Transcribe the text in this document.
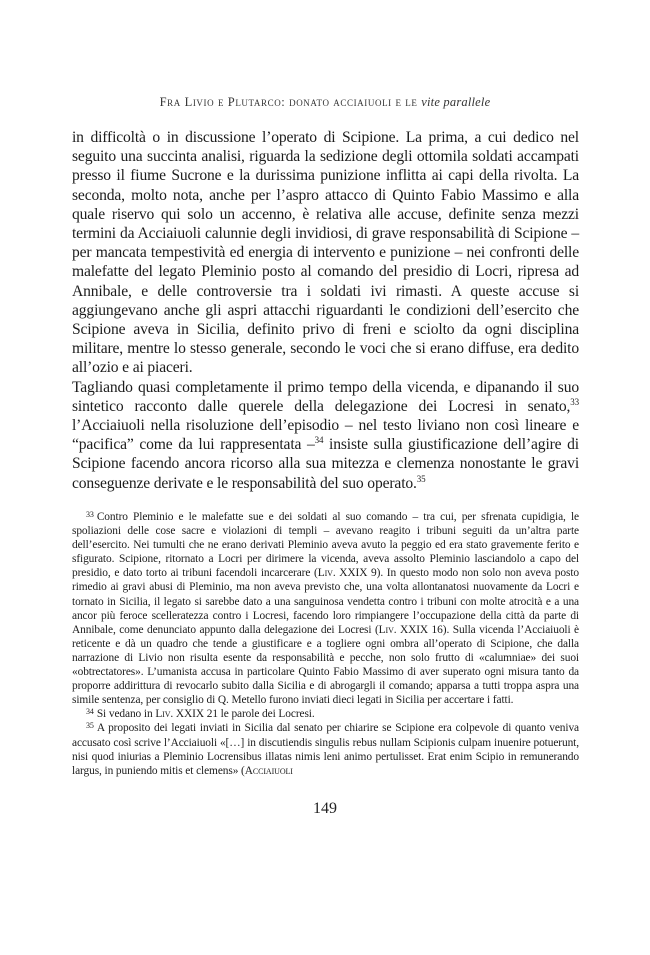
Fra Livio e Plutarco: donato acciaiuoli e le vite parallele

in difficoltà o in discussione l’operato di Scipione. La prima, a cui dedico nel seguito una succinta analisi, riguarda la sedizione degli ottomila soldati accampati presso il fiume Sucrone e la durissima punizione inflitta ai capi della rivolta. La seconda, molto nota, anche per l’aspro attacco di Quinto Fabio Massimo e alla quale riservo qui solo un accenno, è relativa alle accuse, definite senza mezzi termini da Acciaiuoli calunnie degli invidiosi, di grave responsabilità di Scipione – per mancata tempestività ed energia di intervento e punizione – nei confronti delle malefatte del legato Pleminio posto al comando del presidio di Locri, ripresa ad Annibale, e delle controversie tra i soldati ivi rimasti. A queste accuse si aggiungevano anche gli aspri attacchi riguardanti le condizioni dell’esercito che Scipione aveva in Sicilia, definito privo di freni e sciolto da ogni disciplina militare, mentre lo stesso generale, secondo le voci che si erano diffuse, era dedito all’ozio e ai piaceri.

Tagliando quasi completamente il primo tempo della vicenda, e dipanando il suo sintetico racconto dalle querele della delegazione dei Locresi in senato,$^{33}$ l’Acciaiuoli nella risoluzione dell’episodio – nel testo liviano non così lineare e “pacifica” come da lui rappresentata –$^{34}$ insiste sulla giustificazione dell’agire di Scipione facendo ancora ricorso alla sua mitezza e clemenza nonostante le gravi conseguenze derivate e le responsabilità del suo operato.$^{35}$

$^{33}$ Contro Pleminio e le malefatte sue e dei soldati al suo comando – tra cui, per sfrenata cupidigia, le spoliazioni delle cose sacre e violazioni di templi – avevano reagito i tribuni seguiti da un’altra parte dell’esercito. Nei tumulti che ne erano derivati Pleminio aveva avuto la peggio ed era stato gravemente ferito e sfigurato. Scipione, ritornato a Locri per dirimere la vicenda, aveva assolto Pleminio lasciandolo a capo del presidio, e dato torto ai tribuni facendoli incarcerare (Liv. XXIX 9). In questo modo non solo non aveva posto rimedio ai gravi abusi di Pleminio, ma non aveva previsto che, una volta allontanatosi nuovamente da Locri e tornato in Sicilia, il legato si sarebbe dato a una sanguinosa vendetta contro i tribuni con molte atrocità e a una ancor più feroce scelleratezza contro i Locresi, facendo loro rimpiangere l’occupazione della città da parte di Annibale, come denunciato appunto dalla delegazione dei Locresi (Liv. XXIX 16). Sulla vicenda l’Acciaiuoli è reticente e dà un quadro che tende a giustificare e a togliere ogni ombra all’operato di Scipione, che dalla narrazione di Livio non risulta esente da responsabilità e pecche, non solo frutto di «calumniae» dei suoi «obtrectatores». L’umanista accusa in particolare Quinto Fabio Massimo di aver superato ogni misura tanto da proporre addirittura di revocarlo subito dalla Sicilia e di abrogargli il comando; apparsa a tutti troppa aspra una simile sentenza, per consiglio di Q. Metello furono inviati dieci legati in Sicilia per accertare i fatti.

$^{34}$ Si vedano in Liv. XXIX 21 le parole dei Locresi.

$^{35}$ A proposito dei legati inviati in Sicilia dal senato per chiarire se Scipione era colpevole di quanto veniva accusato così scrive l’Acciaiuoli «[…] in discutiendis singulis rebus nullam Scipionis culpam inuenire potuerunt, nisi quod iniurias a Pleminio Locrensibus illatas nimis leni animo pertulisset. Erat enim Scipio in remunerando largus, in puniendo mitis et clemens» (Acciaiuoli

149
